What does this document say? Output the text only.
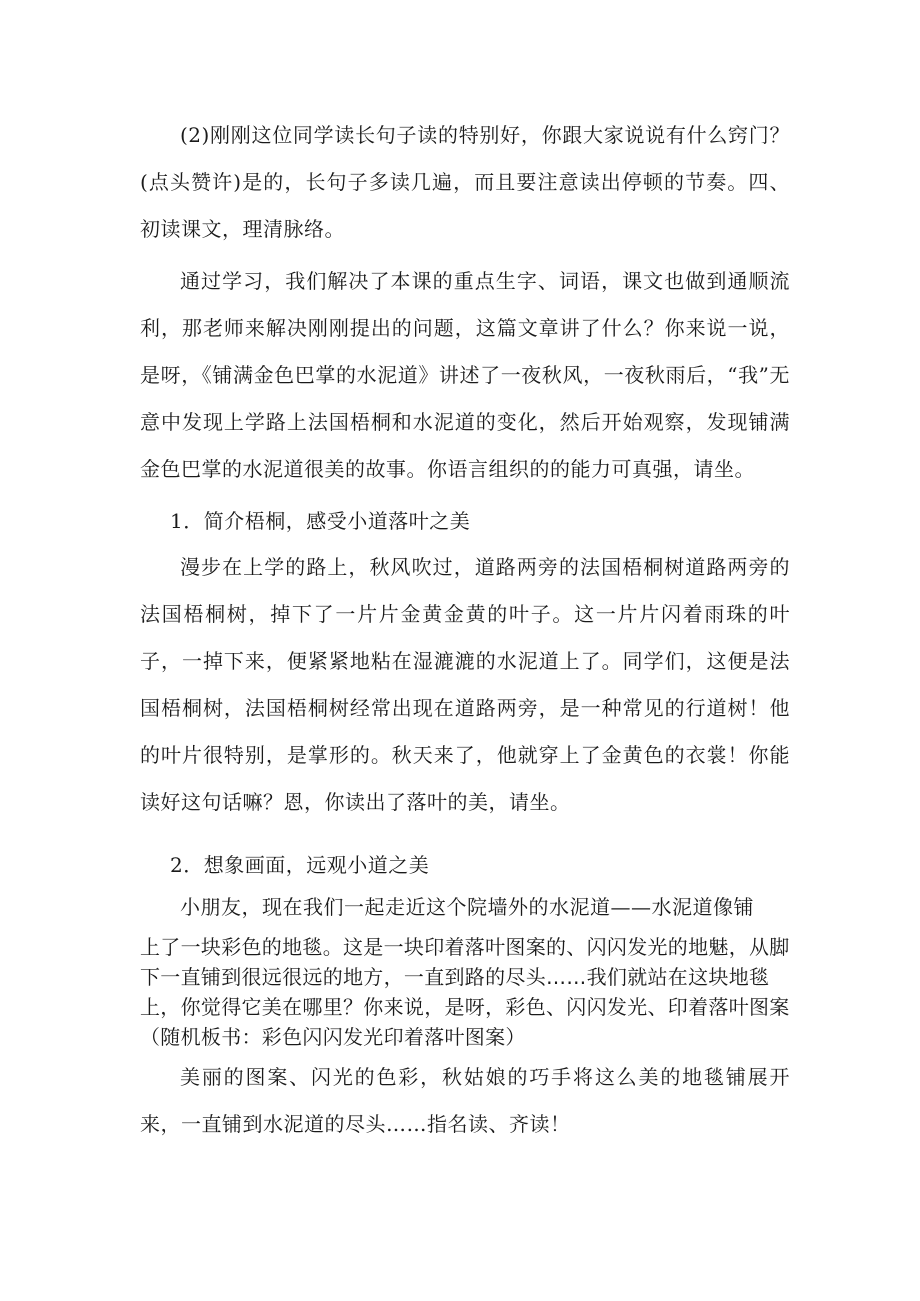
(2)刚刚这位同学读长句子读的特别好，你跟大家说说有什么窍门？(点头赞许)是的，长句子多读几遍，而且要注意读出停顿的节奏。四、初读课文，理清脉络。

通过学习，我们解决了本课的重点生字、词语，课文也做到通顺流利，那老师来解决刚刚提出的问题，这篇文章讲了什么？你来说一说，是呀，《铺满金色巴掌的水泥道》讲述了一夜秋风，一夜秋雨后，“我”无意中发现上学路上法国梧桐和水泥道的变化，然后开始观察，发现铺满金色巴掌的水泥道很美的故事。你语言组织的的能力可真强，请坐。

1．简介梧桐，感受小道落叶之美

漫步在上学的路上，秋风吹过，道路两旁的法国梧桐树道路两旁的法国梧桐树，掉下了一片片金黄金黄的叶子。这一片片闪着雨珠的叶子，一掉下来，便紧紧地粘在湿漉漉的水泥道上了。同学们，这便是法国梧桐树，法国梧桐树经常出现在道路两旁，是一种常见的行道树！他的叶片很特别，是掌形的。秋天来了，他就穿上了金黄色的衣裳！你能读好这句话嘛？恩，你读出了落叶的美，请坐。

2．想象画面，远观小道之美

小朋友，现在我们一起走近这个院墙外的水泥道——水泥道像铺

上了一块彩色的地毯。这是一块印着落叶图案的、闪闪发光的地魅，从脚下一直铺到很远很远的地方，一直到路的尽头……我们就站在这块地毯上，你觉得它美在哪里？你来说，是呀，彩色、闪闪发光、印着落叶图案（随机板书：彩色闪闪发光印着落叶图案）

美丽的图案、闪光的色彩，秋姑娘的巧手将这么美的地毯铺展开来，一直铺到水泥道的尽头……指名读、齐读！
